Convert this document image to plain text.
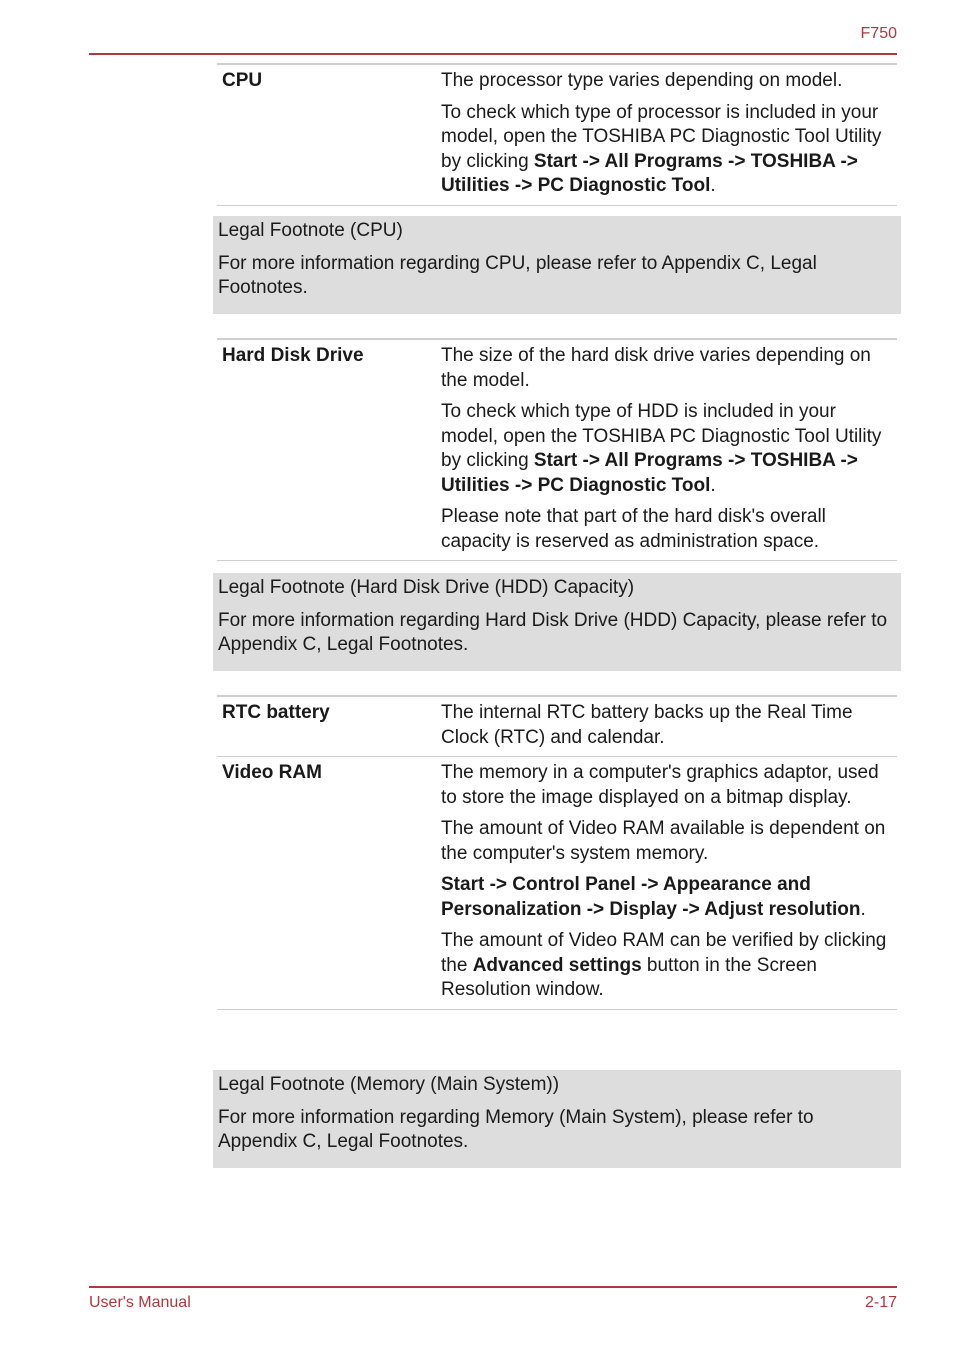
F750
CPU	The processor type varies depending on model.

To check which type of processor is included in your model, open the TOSHIBA PC Diagnostic Tool Utility by clicking Start -> All Programs -> TOSHIBA -> Utilities -> PC Diagnostic Tool.

Legal Footnote (CPU)

For more information regarding CPU, please refer to Appendix C, Legal Footnotes.

Hard Disk Drive	The size of the hard disk drive varies depending on the model.

To check which type of HDD is included in your model, open the TOSHIBA PC Diagnostic Tool Utility by clicking Start -> All Programs -> TOSHIBA -> Utilities -> PC Diagnostic Tool.

Please note that part of the hard disk's overall capacity is reserved as administration space.

Legal Footnote (Hard Disk Drive (HDD) Capacity)

For more information regarding Hard Disk Drive (HDD) Capacity, please refer to Appendix C, Legal Footnotes.

RTC battery	The internal RTC battery backs up the Real Time Clock (RTC) and calendar.

Video RAM	The memory in a computer's graphics adaptor, used to store the image displayed on a bitmap display.

The amount of Video RAM available is dependent on the computer's system memory.

Start -> Control Panel -> Appearance and Personalization -> Display -> Adjust resolution.

The amount of Video RAM can be verified by clicking the Advanced settings button in the Screen Resolution window.

Legal Footnote (Memory (Main System))

For more information regarding Memory (Main System), please refer to Appendix C, Legal Footnotes.

User's Manual	2-17
